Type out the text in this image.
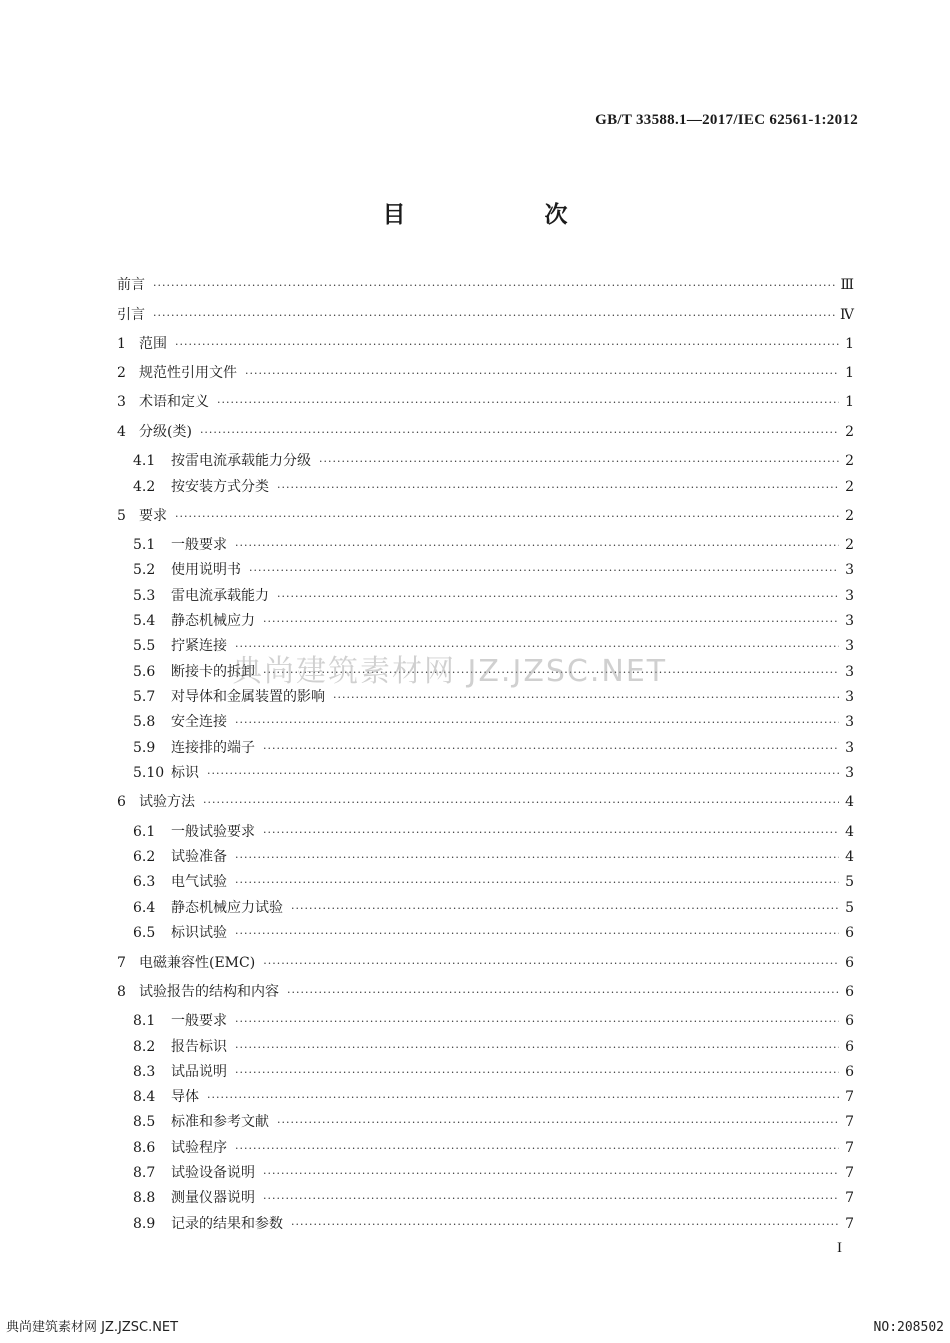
GB/T 33588.1—2017/IEC 62561-1:2012
目　次
前言 ·····	Ⅲ
引言 ·····	Ⅳ
1 范围 ·····	1
2 规范性引用文件 ·····	1
3 术语和定义 ·····	1
4 分级(类) ·····	2
4.1	按雷电流承载能力分级 ·····	2
4.2	按安装方式分类 ·····	2
5 要求 ·····	2
5.1	一般要求 ·····	2
5.2	使用说明书 ·····	3
5.3	雷电流承载能力 ·····	3
5.4	静态机械应力 ·····	3
5.5	拧紧连接 ·····	3
5.6	断接卡的拆卸 ·····	3
5.7	对导体和金属装置的影响 ·····	3
5.8	安全连接 ·····	3
5.9	连接排的端子 ·····	3
5.10 标识 ·····	3
6 试验方法 ·····	4
6.1	一般试验要求 ·····	4
6.2	试验准备 ·····	4
6.3	电气试验 ·····	5
6.4	静态机械应力试验 ·····	5
6.5	标识试验 ·····	6
7 电磁兼容性(EMC) ·····	6
8 试验报告的结构和内容 ·····	6
8.1	一般要求 ·····	6
8.2	报告标识 ·····	6
8.3	试品说明 ·····	6
8.4	导体 ·····	7
8.5	标准和参考文献 ·····	7
8.6	试验程序 ·····	7
8.7	试验设备说明 ·····	7
8.8	测量仪器说明 ·····	7
8.9	记录的结果和参数 ·····	7
典尚建筑素材网 JZ.JZSC.NET
I
典尚建筑素材网 JZ.JZSC.NET	NO:208502
